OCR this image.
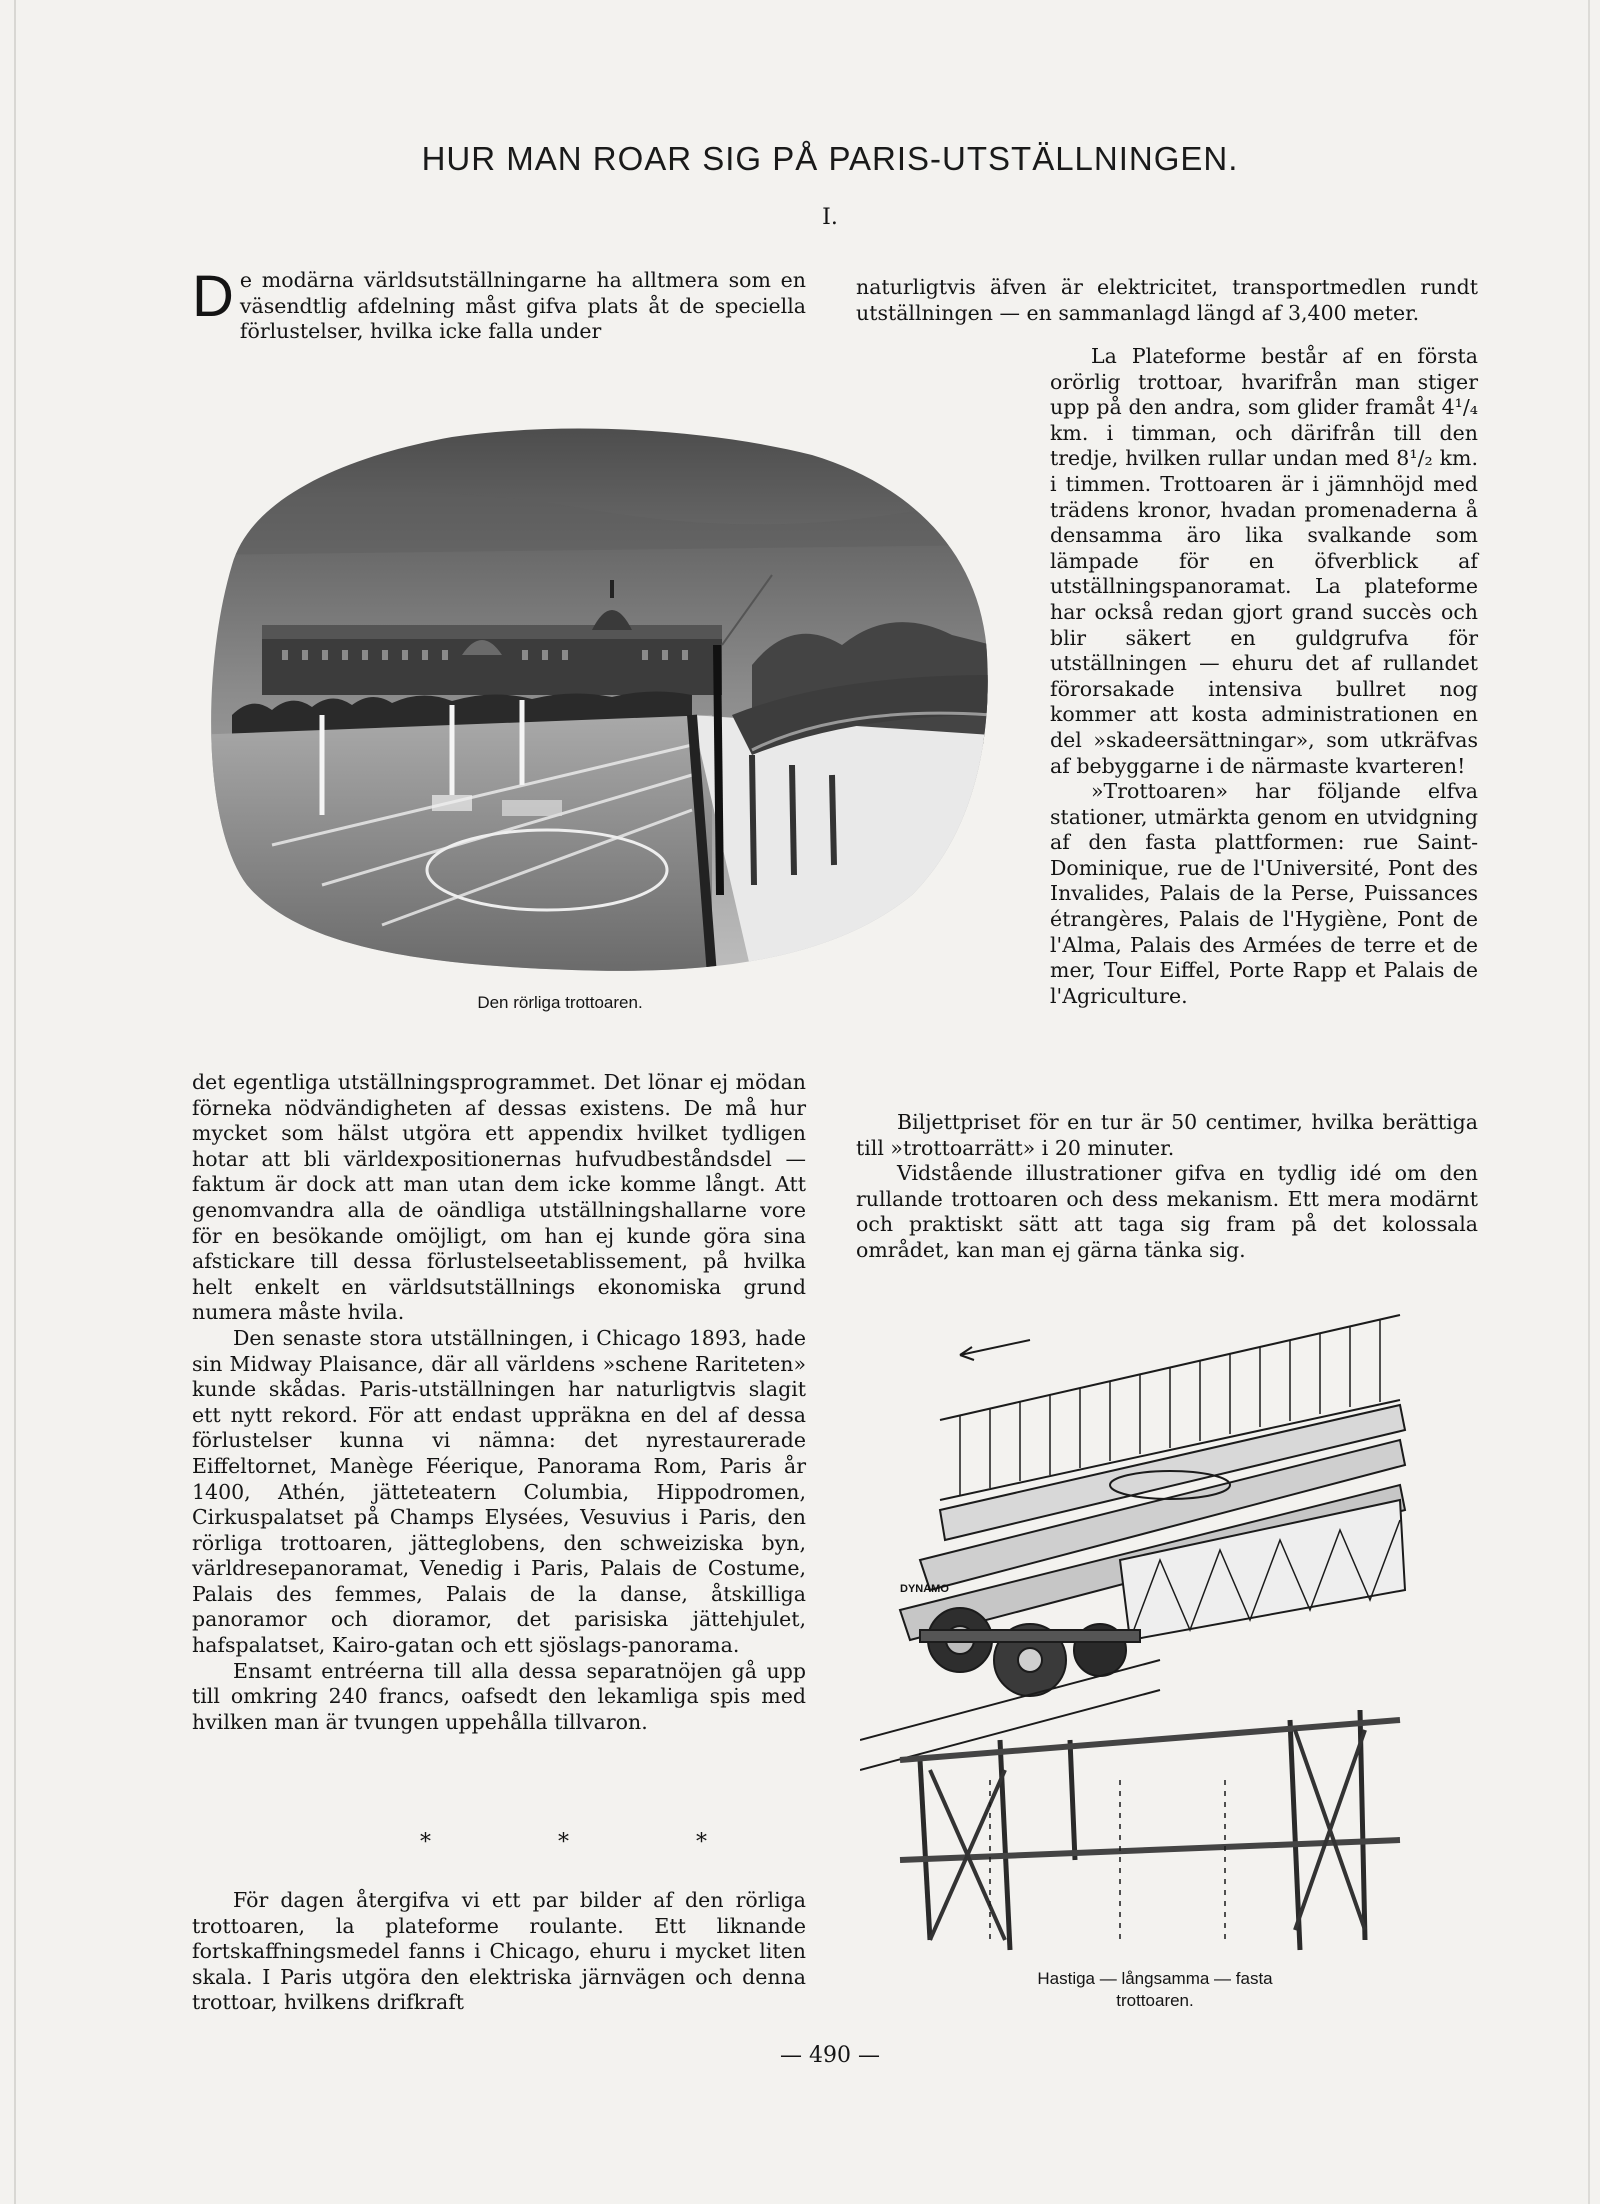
HUR MAN ROAR SIG PÅ PARIS-UTSTÄLLNINGEN.
I.
D e modärna världsutställningarne ha alltmera som en väsendtlig afdelning måst gifva plats åt de speciella förlustelser, hvilka icke falla under
Den rörliga trottoaren.

det egentliga utställningsprogrammet. Det lönar ej mödan förneka nödvändigheten af dessas existens. De må hur mycket som hälst utgöra ett appendix hvilket tydligen hotar att bli världexpositionernas hufvudbeståndsdel — faktum är dock att man utan dem icke komme långt. Att genomvandra alla de oändliga utställningshallarne vore för en besökande omöjligt, om han ej kunde göra sina afstickare till dessa förlustelseetablissement, på hvilka helt enkelt en världsutställnings ekonomiska grund numera måste hvila.

Den senaste stora utställningen, i Chicago 1893, hade sin Midway Plaisance, där all världens »schene Rariteten» kunde skådas. Paris-utställningen har naturligtvis slagit ett nytt rekord. För att endast uppräkna en del af dessa förlustelser kunna vi nämna: det nyrestaurerade Eiffeltornet, Manège Féerique, Panorama Rom, Paris år 1400, Athén, jätteteatern Columbia, Hippodromen, Cirkuspalatset på Champs Elysées, Vesuvius i Paris, den rörliga trottoaren, jätteglobens, den schweiziska byn, världresepanoramat, Venedig i Paris, Palais de Costume, Palais des femmes, Palais de la danse, åtskilliga panoramor och dioramor, det parisiska jättehjulet, hafspalatset, Kairo-gatan och ett sjöslags-panorama.

Ensamt entréerna till alla dessa separatnöjen gå upp till omkring 240 francs, oafsedt den lekamliga spis med hvilken man är tvungen uppehålla tillvaron.

* * *

För dagen återgifva vi ett par bilder af den rörliga trottoaren, la plateforme roulante. Ett liknande fortskaffningsmedel fanns i Chicago, ehuru i mycket liten skala. I Paris utgöra den elektriska järnvägen och denna trottoar, hvilkens drifkraft

naturligtvis äfven är elektricitet, transportmedlen rundt utställningen — en sammanlagd längd af 3,400 meter.

La Plateforme består af en första orörlig trottoar, hvarifrån man stiger upp på den andra, som glider framåt 4¹/₄ km. i timman, och därifrån till den tredje, hvilken rullar undan med 8¹/₂ km. i timmen. Trottoaren är i jämnhöjd med trädens kronor, hvadan promenaderna å densamma äro lika svalkande som lämpade för en öfverblick af utställningspanoramat. La plateforme har också redan gjort grand succès och blir säkert en guldgrufva för utställningen — ehuru det af rullandet förorsakade intensiva bullret nog kommer att kosta administrationen en del »skadeersättningar», som utkräfvas af bebyggarne i de närmaste kvarteren!

»Trottoaren» har följande elfva stationer, utmärkta genom en utvidgning af den fasta plattformen: rue Saint-Dominique, rue de l'Université, Pont des Invalides, Palais de la Perse, Puissances étrangères, Palais de l'Hygiène, Pont de l'Alma, Palais des Armées de terre et de mer, Tour Eiffel, Porte Rapp et Palais de l'Agriculture.

Biljettpriset för en tur är 50 centimer, hvilka berättiga till »trottoarrätt» i 20 minuter.

Vidstående illustrationer gifva en tydlig idé om den rullande trottoaren och dess mekanism. Ett mera modärnt och praktiskt sätt att taga sig fram på det kolossala området, kan man ej gärna tänka sig.

DYNAMO
Hastiga — långsamma — fasta
trottoaren.
— 490 —
